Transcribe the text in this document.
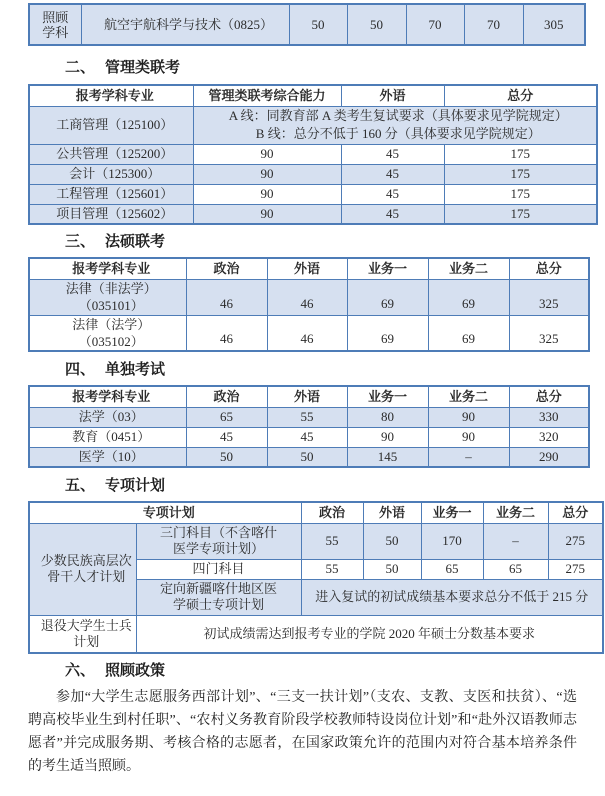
照顾学科	航空宇航科学与技术（0825）	50	50	70	70	305
二、 管理类联考
报考学科专业	管理类联考综合能力	外语	总分
工商管理（125100）	A 线：同教育部 A 类考生复试要求（具体要求见学院规定）
B 线：总分不低于 160 分（具体要求见学院规定）		

公共管理（125200）	90	45	175
会计（125300）	90	45	175
工程管理（125601）	90	45	175
项目管理（125602）	90	45	175
三、 法硕联考
报考学科专业	政治	外语	业务一	业务二	总分

法律（非法学）
（035101）	46	46	69	69	325

法律（法学）
（035102）	46	46	69	69	325
四、 单独考试
报考学科专业	政治	外语	业务一	业务二	总分
法学（03）	65	55	80	90	330
教育（0451）	45	45	90	90	320
医学（10）	50	50	145	–	290
五、 专项计划
专项计划		政治	外语	业务一	业务二	总分
少数民族高层次骨干人才计划	三门科目（不含喀什医学专项计划）	55	50	170	–	275
	四门科目	55	50	65	65	275
	定向新疆喀什地区医学硕士专项计划	进入复试的初试成绩基本要求总分不低于 215 分				
退役大学生士兵计划	初试成绩需达到报考专业的学院 2020 年硕士分数基本要求					
六、 照顾政策

参加“大学生志愿服务西部计划”、“三支一扶计划”（支农、支教、支医和扶贫）、“选聘高校毕业生到村任职”、“农村义务教育阶段学校教师特设岗位计划”和“赴外汉语教师志愿者”并完成服务期、考核合格的志愿者，在国家政策允许的范围内对符合基本培养条件的考生适当照顾。
